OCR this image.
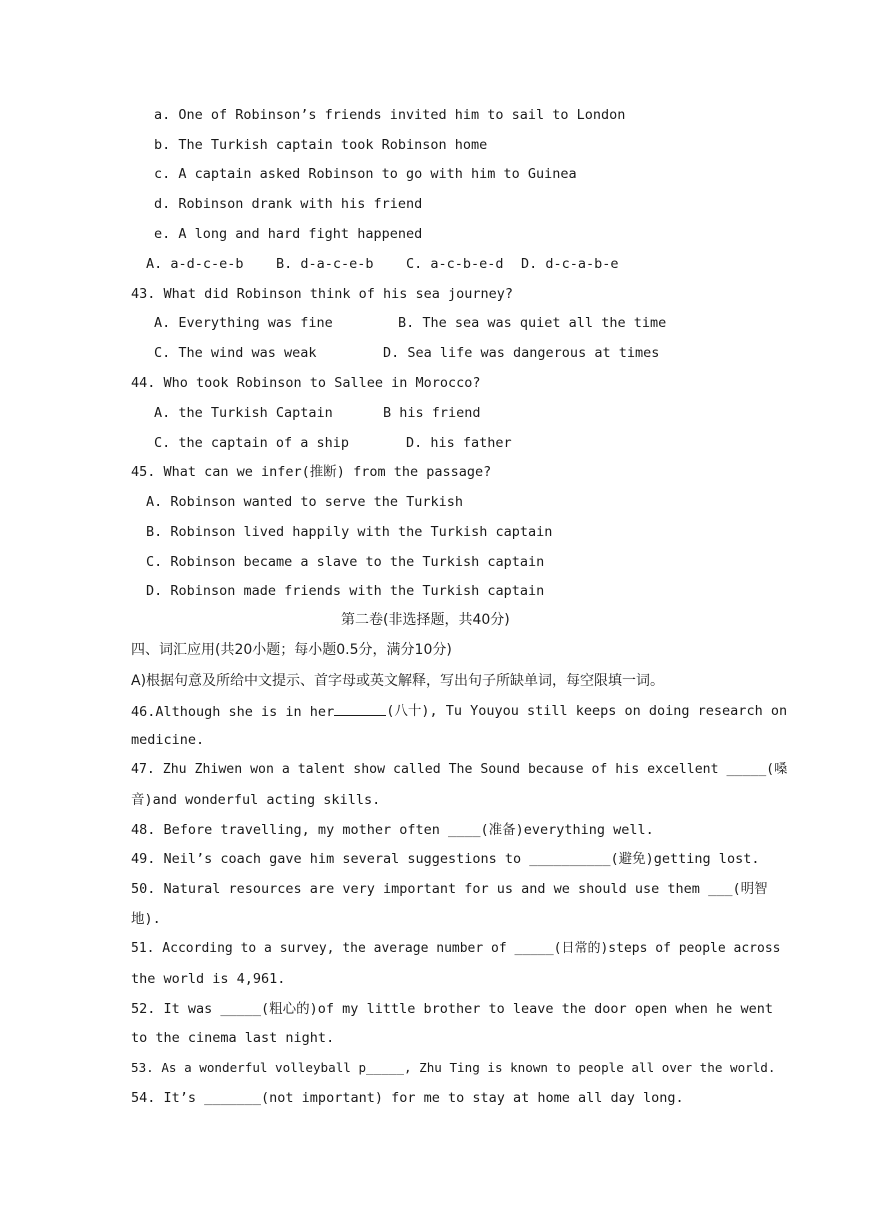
a. One of Robinson’s friends invited him to sail to London
b. The Turkish captain took Robinson home
c. A captain asked Robinson to go with him to Guinea
d. Robinson drank with his friend
e. A long and hard fight happened
A. a-d-c-e-b B. d-a-c-e-b C. a-c-b-e-d D. d-c-a-b-e
43. What did Robinson think of his sea journey?
A. Everything was fine	B. The sea was quiet all the time
C. The wind was weak	D. Sea life was dangerous at times
44. Who took Robinson to Sallee in Morocco?
A. the Turkish Captain	B his friend
C. the captain of a ship	D. his father
45. What can we infer(推断) from the passage?
A. Robinson wanted to serve the Turkish
B. Robinson lived happily with the Turkish captain
C. Robinson became a slave to the Turkish captain
D. Robinson made friends with the Turkish captain
第二卷(非选择题，共40分)
四、词汇应用(共20小题；每小题0.5分，满分10分)
A)根据句意及所给中文提示、首字母或英文解释，写出句子所缺单词，每空限填一词。
46.Although she is in her	(八十), Tu Youyou still keeps on doing research on
medicine.
47. Zhu Zhiwen won a talent show called The Sound because of his excellent _____(嗓
音)and wonderful acting skills.
48. Before travelling, my mother often ____(准备)everything well.
49. Neil’s coach gave him several suggestions to __________(避免)getting lost.
50. Natural resources are very important for us and we should use them ___(明智
地).
51. According to a survey, the average number of _____(日常的)steps of people across
the world is 4,961.
52. It was _____(粗心的)of my little brother to leave the door open when he went
to the cinema last night.
53. As a wonderful volleyball p_____, Zhu Ting is known to people all over the world.
54. It’s _______(not important) for me to stay at home all day long.
